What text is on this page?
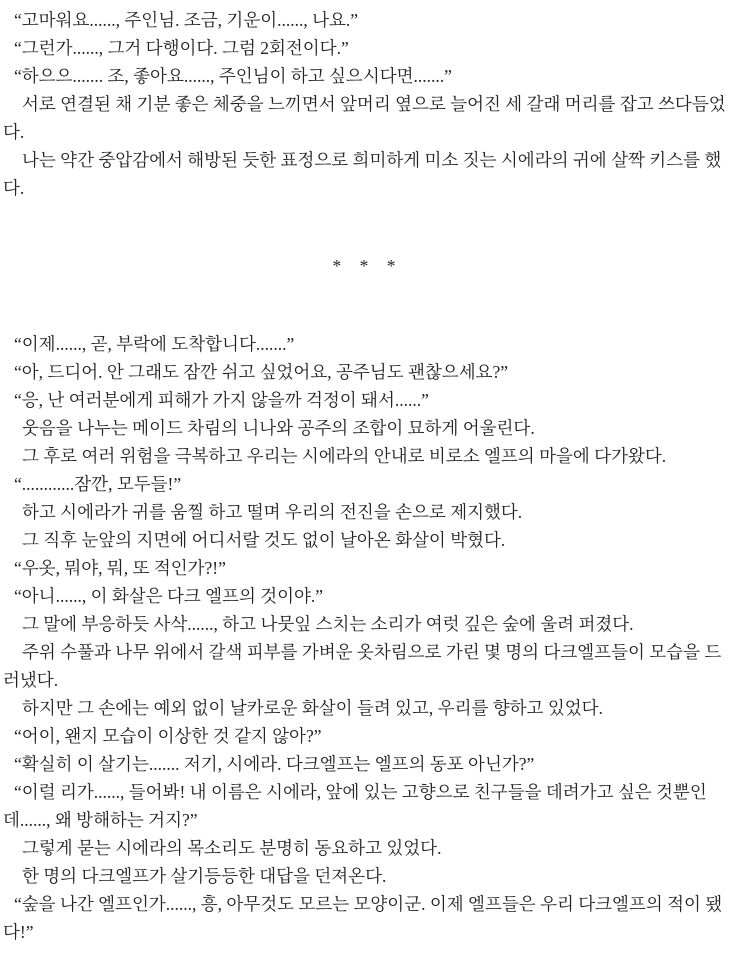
“고마워요......, 주인님. 조금, 기운이......, 나요.”

“그런가......, 그거 다행이다. 그럼 2회전이다.”

“하으으....... 조, 좋아요......, 주인님이 하고 싶으시다면.......”

서로 연결된 채 기분 좋은 체중을 느끼면서 앞머리 옆으로 늘어진 세 갈래 머리를 잡고 쓰다듬었다.

나는 약간 중압감에서 해방된 듯한 표정으로 희미하게 미소 짓는 시에라의 귀에 살짝 키스를 했다.

* * *

“이제......, 곧, 부락에 도착합니다.......”

“아, 드디어. 안 그래도 잠깐 쉬고 싶었어요, 공주님도 괜찮으세요?”

“응, 난 여러분에게 피해가 가지 않을까 걱정이 돼서......”

웃음을 나누는 메이드 차림의 니나와 공주의 조합이 묘하게 어울린다.

그 후로 여러 위험을 극복하고 우리는 시에라의 안내로 비로소 엘프의 마을에 다가왔다.

“............잠깐, 모두들!”

하고 시에라가 귀를 움찔 하고 떨며 우리의 전진을 손으로 제지했다.

그 직후 눈앞의 지면에 어디서랄 것도 없이 날아온 화살이 박혔다.

“우옷, 뭐야, 뭐, 또 적인가?!”

“아니......, 이 화살은 다크 엘프의 것이야.”

그 말에 부응하듯 사삭......, 하고 나뭇잎 스치는 소리가 여럿 깊은 숲에 울려 퍼졌다.

주위 수풀과 나무 위에서 갈색 피부를 가벼운 옷차림으로 가린 몇 명의 다크엘프들이 모습을 드러냈다.

하지만 그 손에는 예외 없이 날카로운 화살이 들려 있고, 우리를 향하고 있었다.

“어이, 왠지 모습이 이상한 것 같지 않아?”

“확실히 이 살기는....... 저기, 시에라. 다크엘프는 엘프의 동포 아닌가?”

“이럴 리가......, 들어봐! 내 이름은 시에라, 앞에 있는 고향으로 친구들을 데려가고 싶은 것뿐인데......, 왜 방해하는 거지?”

그렇게 묻는 시에라의 목소리도 분명히 동요하고 있었다.

한 명의 다크엘프가 살기등등한 대답을 던져온다.

“숲을 나간 엘프인가......, 흥, 아무것도 모르는 모양이군. 이제 엘프들은 우리 다크엘프의 적이 됐다!”
